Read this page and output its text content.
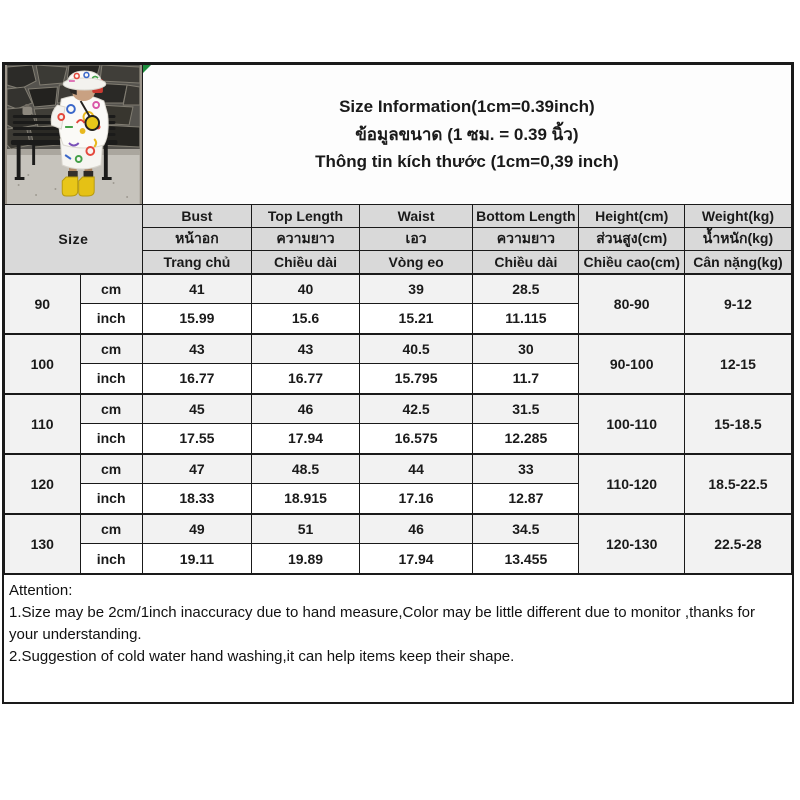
Size Information(1cm=0.39inch)
ข้อมูลขนาด (1 ซม. = 0.39 นิ้ว)
Thông tin kích thước (1cm=0,39 inch)					

Size		Bust	Top Length	Waist	Bottom Length	Height(cm)	Weight(kg)
		หน้าอก	ความยาว	เอว	ความยาว	ส่วนสูง(cm)	น้ำหนัก(kg)
		Trang chủ	Chiều dài	Vòng eo	Chiều dài	Chiều cao(cm)	Cân nặng(kg)
90	cm	41	40	39	28.5	80-90	9-12
	inch	15.99	15.6	15.21	11.115		
100	cm	43	43	40.5	30	90-100	12-15
	inch	16.77	16.77	15.795	11.7		
110	cm	45	46	42.5	31.5	100-110	15-18.5
	inch	17.55	17.94	16.575	12.285		
120	cm	47	48.5	44	33	110-120	18.5-22.5
	inch	18.33	18.915	17.16	12.87		
130	cm	49	51	46	34.5	120-130	22.5-28
	inch	19.11	19.89	17.94	13.455		
Attention:
1.Size may be 2cm/1inch inaccuracy due to hand measure,Color may be little different due to monitor ,thanks for your understanding.
2.Suggestion of cold water hand washing,it can help items keep their shape.
